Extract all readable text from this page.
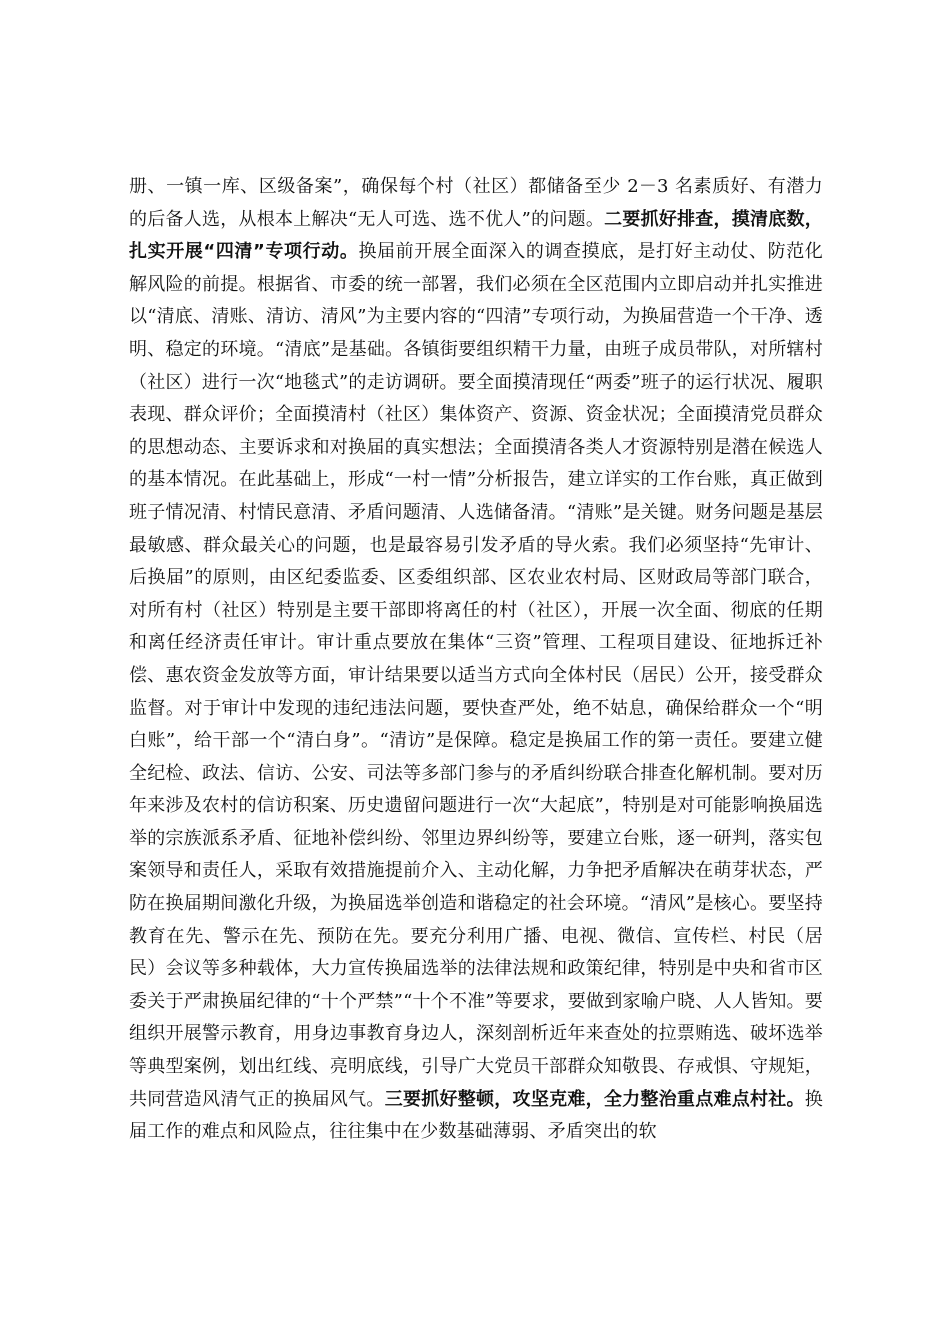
册、一镇一库、区级备案”，确保每个村（社区）都储备至少 2－3 名素质好、有潜力的后备人选，从根本上解决“无人可选、选不优人”的问题。二要抓好排查，摸清底数，扎实开展“四清”专项行动。换届前开展全面深入的调查摸底，是打好主动仗、防范化解风险的前提。根据省、市委的统一部署，我们必须在全区范围内立即启动并扎实推进以“清底、清账、清访、清风”为主要内容的“四清”专项行动，为换届营造一个干净、透明、稳定的环境。“清底”是基础。各镇街要组织精干力量，由班子成员带队，对所辖村（社区）进行一次“地毯式”的走访调研。要全面摸清现任“两委”班子的运行状况、履职表现、群众评价；全面摸清村（社区）集体资产、资源、资金状况；全面摸清党员群众的思想动态、主要诉求和对换届的真实想法；全面摸清各类人才资源特别是潜在候选人的基本情况。在此基础上，形成“一村一情”分析报告，建立详实的工作台账，真正做到班子情况清、村情民意清、矛盾问题清、人选储备清。“清账”是关键。财务问题是基层最敏感、群众最关心的问题，也是最容易引发矛盾的导火索。我们必须坚持“先审计、后换届”的原则，由区纪委监委、区委组织部、区农业农村局、区财政局等部门联合，对所有村（社区）特别是主要干部即将离任的村（社区），开展一次全面、彻底的任期和离任经济责任审计。审计重点要放在集体“三资”管理、工程项目建设、征地拆迁补偿、惠农资金发放等方面，审计结果要以适当方式向全体村民（居民）公开，接受群众监督。对于审计中发现的违纪违法问题，要快查严处，绝不姑息，确保给群众一个“明白账”，给干部一个“清白身”。“清访”是保障。稳定是换届工作的第一责任。要建立健全纪检、政法、信访、公安、司法等多部门参与的矛盾纠纷联合排查化解机制。要对历年来涉及农村的信访积案、历史遗留问题进行一次“大起底”，特别是对可能影响换届选举的宗族派系矛盾、征地补偿纠纷、邻里边界纠纷等，要建立台账，逐一研判，落实包案领导和责任人，采取有效措施提前介入、主动化解，力争把矛盾解决在萌芽状态，严防在换届期间激化升级，为换届选举创造和谐稳定的社会环境。“清风”是核心。要坚持教育在先、警示在先、预防在先。要充分利用广播、电视、微信、宣传栏、村民（居民）会议等多种载体，大力宣传换届选举的法律法规和政策纪律，特别是中央和省市区委关于严肃换届纪律的“十个严禁”“十个不准”等要求，要做到家喻户晓、人人皆知。要组织开展警示教育，用身边事教育身边人，深刻剖析近年来查处的拉票贿选、破坏选举等典型案例，划出红线、亮明底线，引导广大党员干部群众知敬畏、存戒惧、守规矩，共同营造风清气正的换届风气。三要抓好整顿，攻坚克难，全力整治重点难点村社。换届工作的难点和风险点，往往集中在少数基础薄弱、矛盾突出的软
